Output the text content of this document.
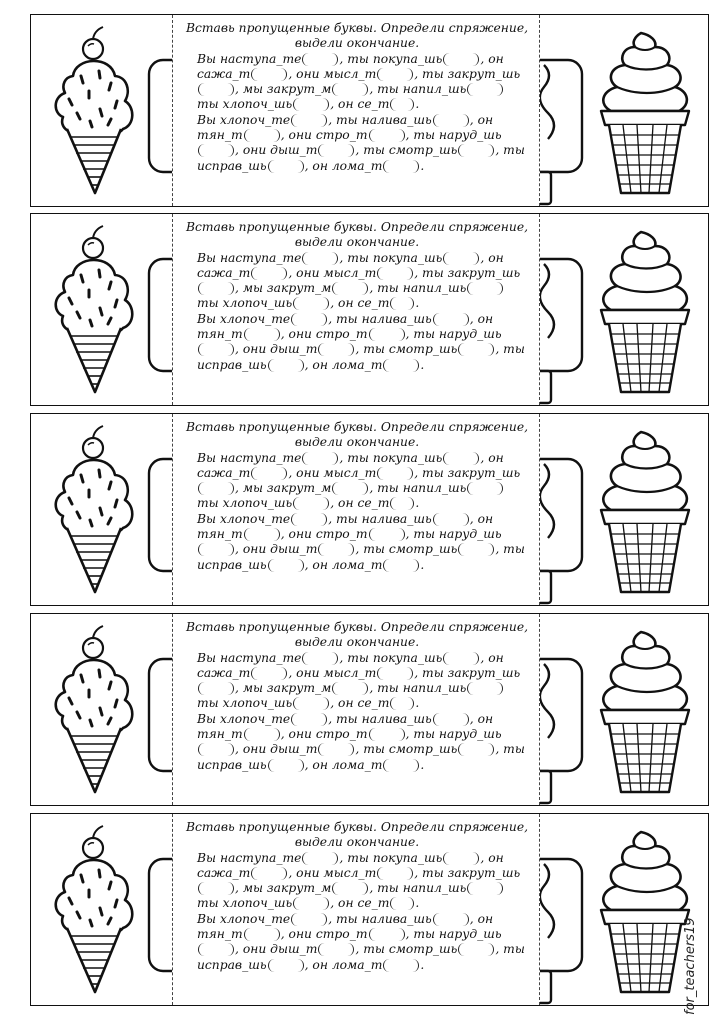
Вставь пропущенные буквы. Определи спряжение,
выдели окончание.

Вы наступа_те	, ты покупа_шь	, он
сажа_т	, они мысл_т	, ты закрут_шь
, мы закрут_м	, ты напил_шь
ты хлопоч_шь	, он се_т .
Вы хлопоч_те	, ты налива_шь	, он
тян_т	, они стро_т	, ты наруд_шь
, они дыш_т	, ты смотр_шь	, ты
исправ_шь	, он лома_т	.

Вставь пропущенные буквы. Определи спряжение,
выдели окончание.

Вы наступа_те	, ты покупа_шь	, он
сажа_т	, они мысл_т	, ты закрут_шь
, мы закрут_м	, ты напил_шь
ты хлопоч_шь	, он се_т .
Вы хлопоч_те	, ты налива_шь	, он
тян_т	, они стро_т	, ты наруд_шь
, они дыш_т	, ты смотр_шь	, ты
исправ_шь	, он лома_т	.

Вставь пропущенные буквы. Определи спряжение,
выдели окончание.

Вы наступа_те	, ты покупа_шь	, он
сажа_т	, они мысл_т	, ты закрут_шь
, мы закрут_м	, ты напил_шь
ты хлопоч_шь	, он се_т .
Вы хлопоч_те	, ты налива_шь	, он
тян_т	, они стро_т	, ты наруд_шь
, они дыш_т	, ты смотр_шь	, ты
исправ_шь	, он лома_т	.

Вставь пропущенные буквы. Определи спряжение,
выдели окончание.

Вы наступа_те	, ты покупа_шь	, он
сажа_т	, они мысл_т	, ты закрут_шь
, мы закрут_м	, ты напил_шь
ты хлопоч_шь	, он се_т .
Вы хлопоч_те	, ты налива_шь	, он
тян_т	, они стро_т	, ты наруд_шь
, они дыш_т	, ты смотр_шь	, ты
исправ_шь	, он лома_т	.

Вставь пропущенные буквы. Определи спряжение,
выдели окончание.

Вы наступа_те	, ты покупа_шь	, он
сажа_т	, они мысл_т	, ты закрут_шь
, мы закрут_м	, ты напил_шь
ты хлопоч_шь	, он се_т .
Вы хлопоч_те	, ты налива_шь	, он
тян_т	, они стро_т	, ты наруд_шь
, они дыш_т	, ты смотр_шь	, ты
исправ_шь	, он лома_т	.	for_teachers19
